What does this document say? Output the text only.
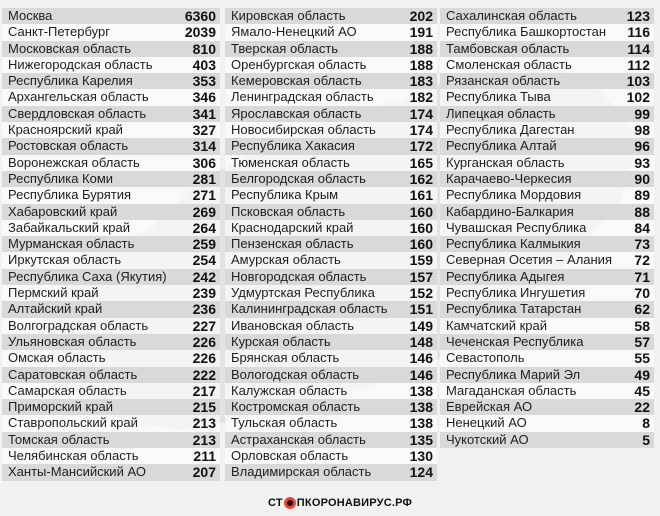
Москва	6360
Санкт-Петербург	2039
Московская область	810
Нижегородская область	403
Республика Карелия	353
Архангельская область	346
Свердловская область	341
Красноярский край	327
Ростовская область	314
Воронежская область	306
Республика Коми	281
Республика Бурятия	271
Хабаровский край	269
Забайкальский край	264
Мурманская область	259
Иркутская область	254
Республика Саха (Якутия) 242
Пермский край	239
Алтайский край	236
Волгоградская область	227
Ульяновская область	226
Омская область	226
Саратовская область	222
Самарская область	217
Приморский край	215
Ставропольский край	213
Томская область	213
Челябинская область	211
Ханты-Мансийский АО	207
Кировская область	202
Ямало-Ненецкий АО	191
Тверская область	188
Оренбургская область	188
Кемеровская область	183
Ленинградская область	182
Ярославская область	174
Новосибирская область 174
Республика Хакасия	172
Тюменская область	165
Белгородская область	162
Республика Крым	161
Псковская область	160
Краснодарский край	160
Пензенская область	160
Амурская область	159
Новгородская область	157
Удмуртская Республика 152
Калининградская область 151
Ивановская область	149
Курская область	148
Брянская область	146
Вологодская область	146
Калужская область	138
Костромская область	138
Тульская область	138
Астраханская область	135
Орловская область	130
Владимирская область	124
Сахалинская область	123
Республика Башкортостан 116
Тамбовская область	114
Смоленская область	112
Рязанская область	103
Республика Тыва	102
Липецкая область	99
Республика Дагестан	98
Республика Алтай	96
Курганская область	93
Карачаево-Черкесия	90
Республика Мордовия	89
Кабардино-Балкария	88
Чувашская Республика	84
Республика Калмыкия	73
Северная Осетия – Алания 72
Республика Адыгея	71
Республика Ингушетия	70
Республика Татарстан	62
Камчатский край	58
Чеченская Республика	57
Севастополь	55
Республика Марий Эл	49
Магаданская область	45
Еврейская АО	22
Ненецкий АО	8
Чукотский АО	5
СТ ПКОРОНАВИРУС.РФ
